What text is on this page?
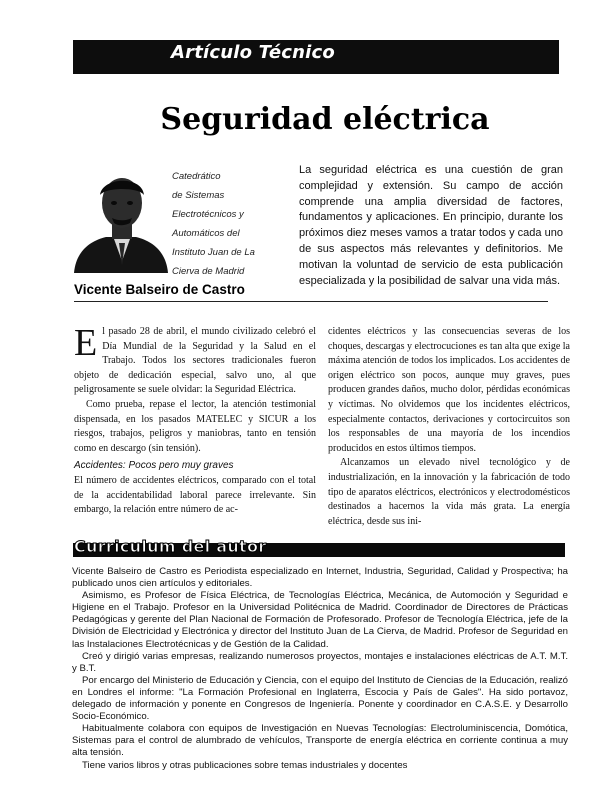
Artículo Técnico
Seguridad eléctrica
Catedrático
de Sistemas
Electrotécnicos y
Automáticos del
Instituto Juan de La
Cierva de Madrid
Vicente Balseiro de Castro
La seguridad eléctrica es una cuestión de gran complejidad y extensión. Su campo de acción comprende una amplia diversidad de factores, fundamentos y aplicaciones. En principio, durante los próximos diez meses vamos a tratar todos y cada uno de sus aspectos más relevantes y definitorios. Me motivan la voluntad de servicio de esta publicación especializada y la posibilidad de salvar una vida más.

El pasado 28 de abril, el mundo civilizado celebró el Día Mundial de la Seguridad y la Salud en el Trabajo. Todos los sectores tradicionales fueron objeto de dedicación especial, salvo uno, al que peligrosamente se suele olvidar: la Seguridad Eléctrica.

Como prueba, repase el lector, la atención testimonial dispensada, en los pasados MATELEC y SICUR a los riesgos, trabajos, peligros y maniobras, tanto en tensión como en descargo (sin tensión).

Accidentes: Pocos pero muy graves

El número de accidentes eléctricos, comparado con el total de la accidentabilidad laboral parece irrelevante. Sin embargo, la relación entre número de ac-

cidentes eléctricos y las consecuencias severas de los choques, descargas y electrocuciones es tan alta que exige la máxima atención de todos los implicados. Los accidentes de origen eléctrico son pocos, aunque muy graves, pues producen grandes daños, mucho dolor, pérdidas económicas y víctimas. No olvidemos que los incidentes eléctricos, especialmente contactos, derivaciones y cortocircuitos son los responsables de una mayoría de los incendios producidos en estos últimos tiempos.

Alcanzamos un elevado nivel tecnológico y de industrialización, en la innovación y la fabricación de todo tipo de aparatos eléctricos, electrónicos y electrodomésticos destinados a hacernos la vida más grata. La energía eléctrica, desde sus ini-

Curriculum del autor

Vicente Balseiro de Castro es Periodista especializado en Internet, Industria, Seguridad, Calidad y Prospectiva; ha publicado unos cien artículos y editoriales.

Asimismo, es Profesor de Física Eléctrica, de Tecnologías Eléctrica, Mecánica, de Automoción y Seguridad e Higiene en el Trabajo. Profesor en la Universidad Politécnica de Madrid. Coordinador de Directores de Prácticas Pedagógicas y gerente del Plan Nacional de Formación de Profesorado. Profesor de Tecnología Eléctrica, jefe de la División de Electricidad y Electrónica y director del Instituto Juan de La Cierva, de Madrid. Profesor de Seguridad en las Instalaciones Electrotécnicas y de Gestión de la Calidad.

Creó y dirigió varias empresas, realizando numerosos proyectos, montajes e instalaciones eléctricas de A.T. M.T. y B.T.

Por encargo del Ministerio de Educación y Ciencia, con el equipo del Instituto de Ciencias de la Educación, realizó en Londres el informe: "La Formación Profesional en Inglaterra, Escocia y País de Gales". Ha sido portavoz, delegado de información y ponente en Congresos de Ingeniería. Ponente y coordinador en C.A.S.E. y Desarrollo Socio-Económico.

Habitualmente colabora con equipos de Investigación en Nuevas Tecnologías: Electroluminiscencia, Domótica, Sistemas para el control de alumbrado de vehículos, Transporte de energía eléctrica en corriente continua a muy alta tensión.

Tiene varios libros y otras publicaciones sobre temas industriales y docentes
